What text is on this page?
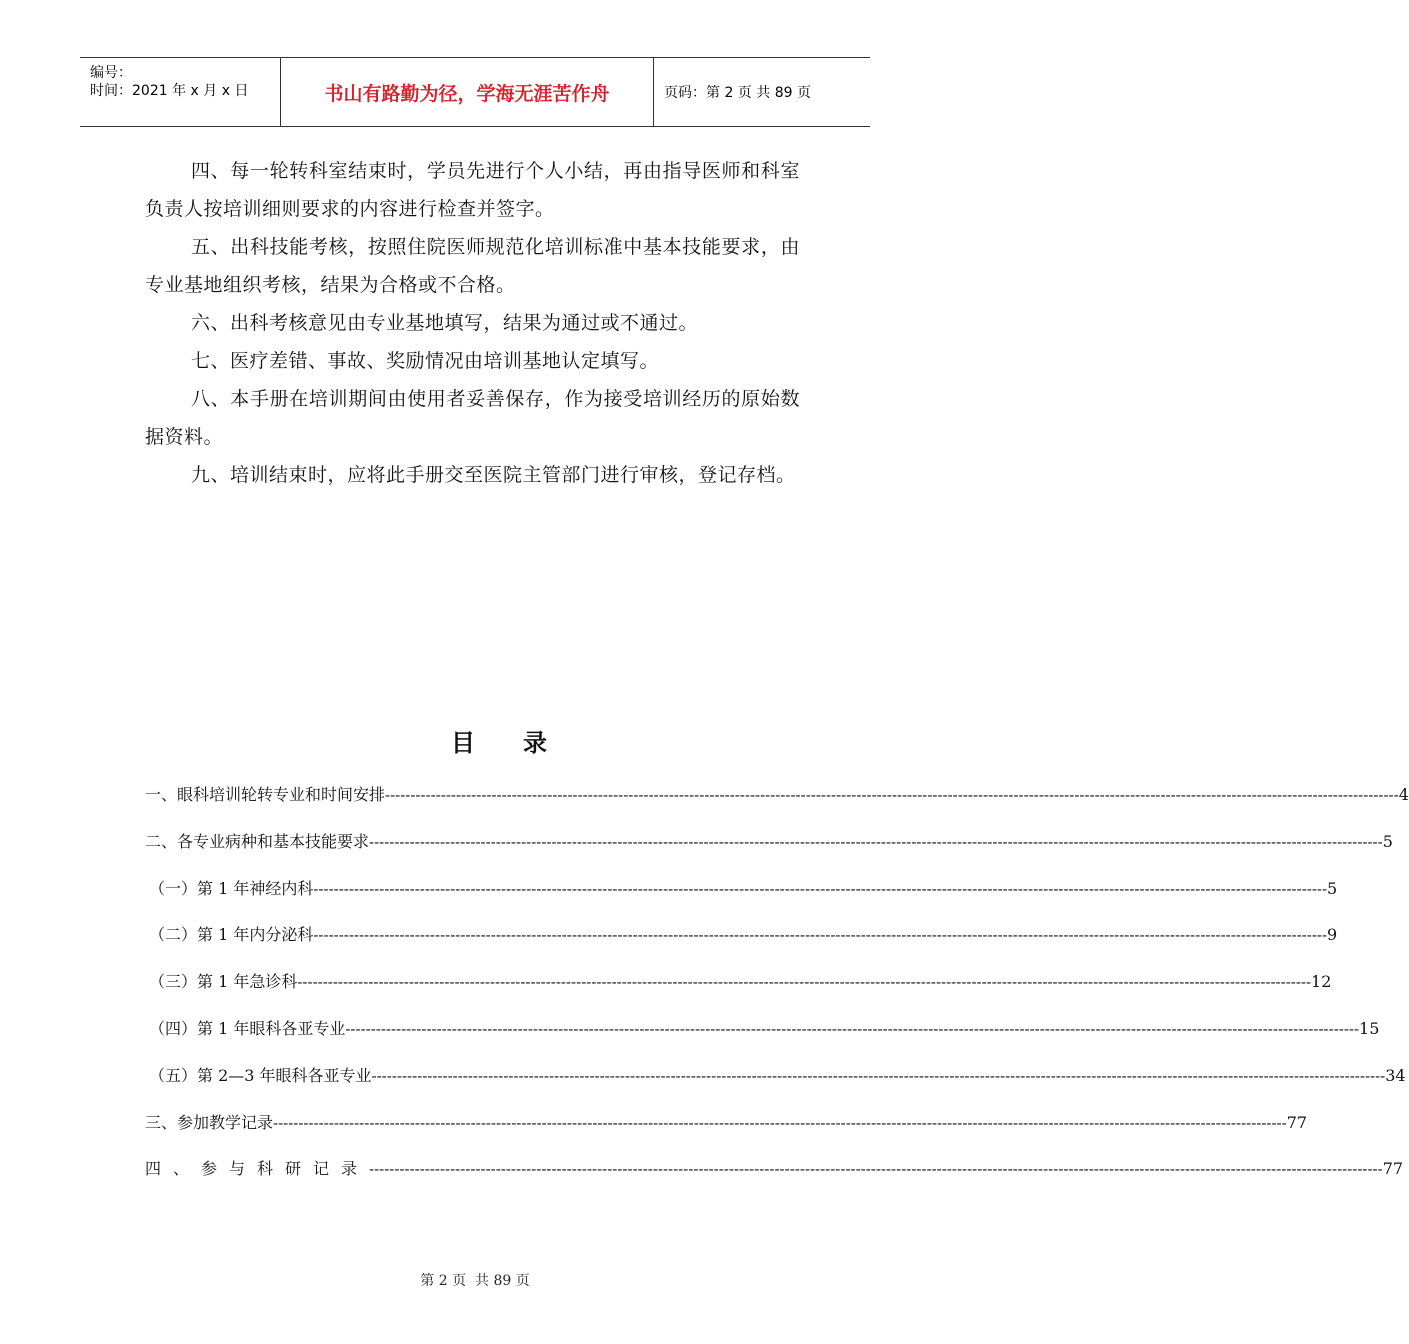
编号：
时间：2021 年 x 月 x 日	书山有路勤为径，学海无涯苦作舟	页码：第 2 页 共 89 页

四、每一轮转科室结束时，学员先进行个人小结，再由指导医师和科室负责人按培训细则要求的内容进行检查并签字。

五、出科技能考核，按照住院医师规范化培训标准中基本技能要求，由专业基地组织考核，结果为合格或不合格。

六、出科考核意见由专业基地填写，结果为通过或不通过。

七、医疗差错、事故、奖励情况由培训基地认定填写。

八、本手册在培训期间由使用者妥善保存，作为接受培训经历的原始数据资料。

九、培训结束时，应将此手册交至医院主管部门进行审核，登记存档。

目录
一、眼科培训轮转专业和时间安排 -------------------------------------------------------------------------------------------------------------------------------------------------------------------------------------------------------- 4
二、各专业病种和基本技能要求 -------------------------------------------------------------------------------------------------------------------------------------------------------------------------------------------------------- 5
（一）第 1 年神经内科 -------------------------------------------------------------------------------------------------------------------------------------------------------------------------------------------------------- 5
（二）第 1 年内分泌科 -------------------------------------------------------------------------------------------------------------------------------------------------------------------------------------------------------- 9
（三）第 1 年急诊科 -------------------------------------------------------------------------------------------------------------------------------------------------------------------------------------------------------- 12
（四）第 1 年眼科各亚专业 -------------------------------------------------------------------------------------------------------------------------------------------------------------------------------------------------------- 15
（五）第 2—3 年眼科各亚专业 -------------------------------------------------------------------------------------------------------------------------------------------------------------------------------------------------------- 34
三、参加教学记录 -------------------------------------------------------------------------------------------------------------------------------------------------------------------------------------------------------- 77
四、参与科研记录 -------------------------------------------------------------------------------------------------------------------------------------------------------------------------------------------------------- 77
第 2 页  共 89 页
